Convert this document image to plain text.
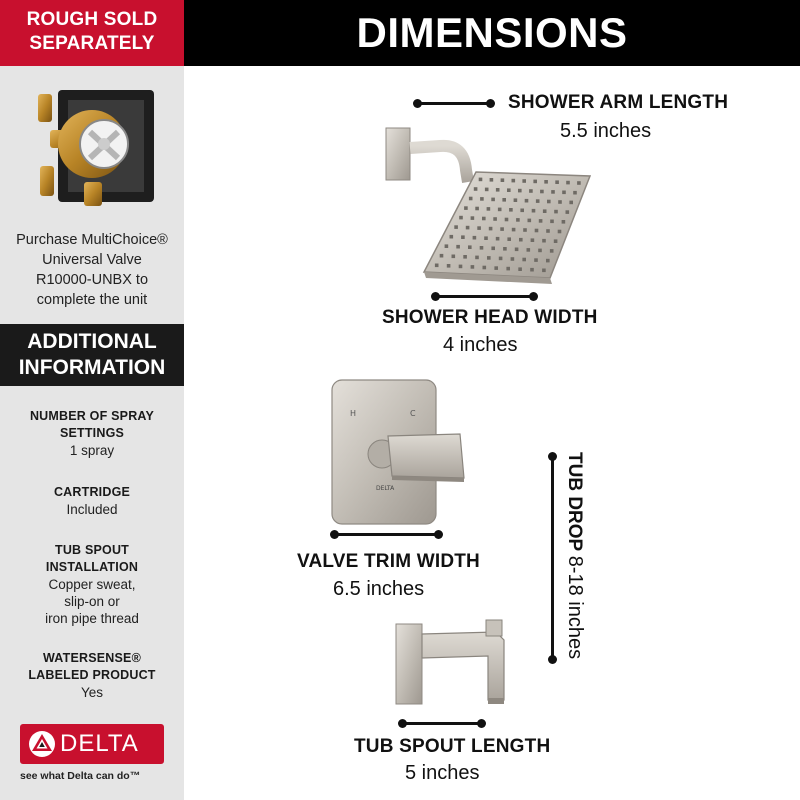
ROUGH SOLD
SEPARATELY
Purchase MultiChoice®
Universal Valve
R10000-UNBX to
complete the unit
ADDITIONAL
INFORMATION
NUMBER OF SPRAY
SETTINGS
1 spray
CARTRIDGE
Included
TUB SPOUT
INSTALLATION
Copper sweat,
slip-on or
iron pipe thread
WATERSENSE®
LABELED PRODUCT
Yes
DELTA
see what Delta can do™
DIMENSIONS
SHOWER ARM LENGTH
5.5 inches
SHOWER HEAD WIDTH
4 inches
H	C
DELTA
VALVE TRIM WIDTH
6.5 inches
TUB DROP 8-18 inches
TUB SPOUT LENGTH
5 inches
